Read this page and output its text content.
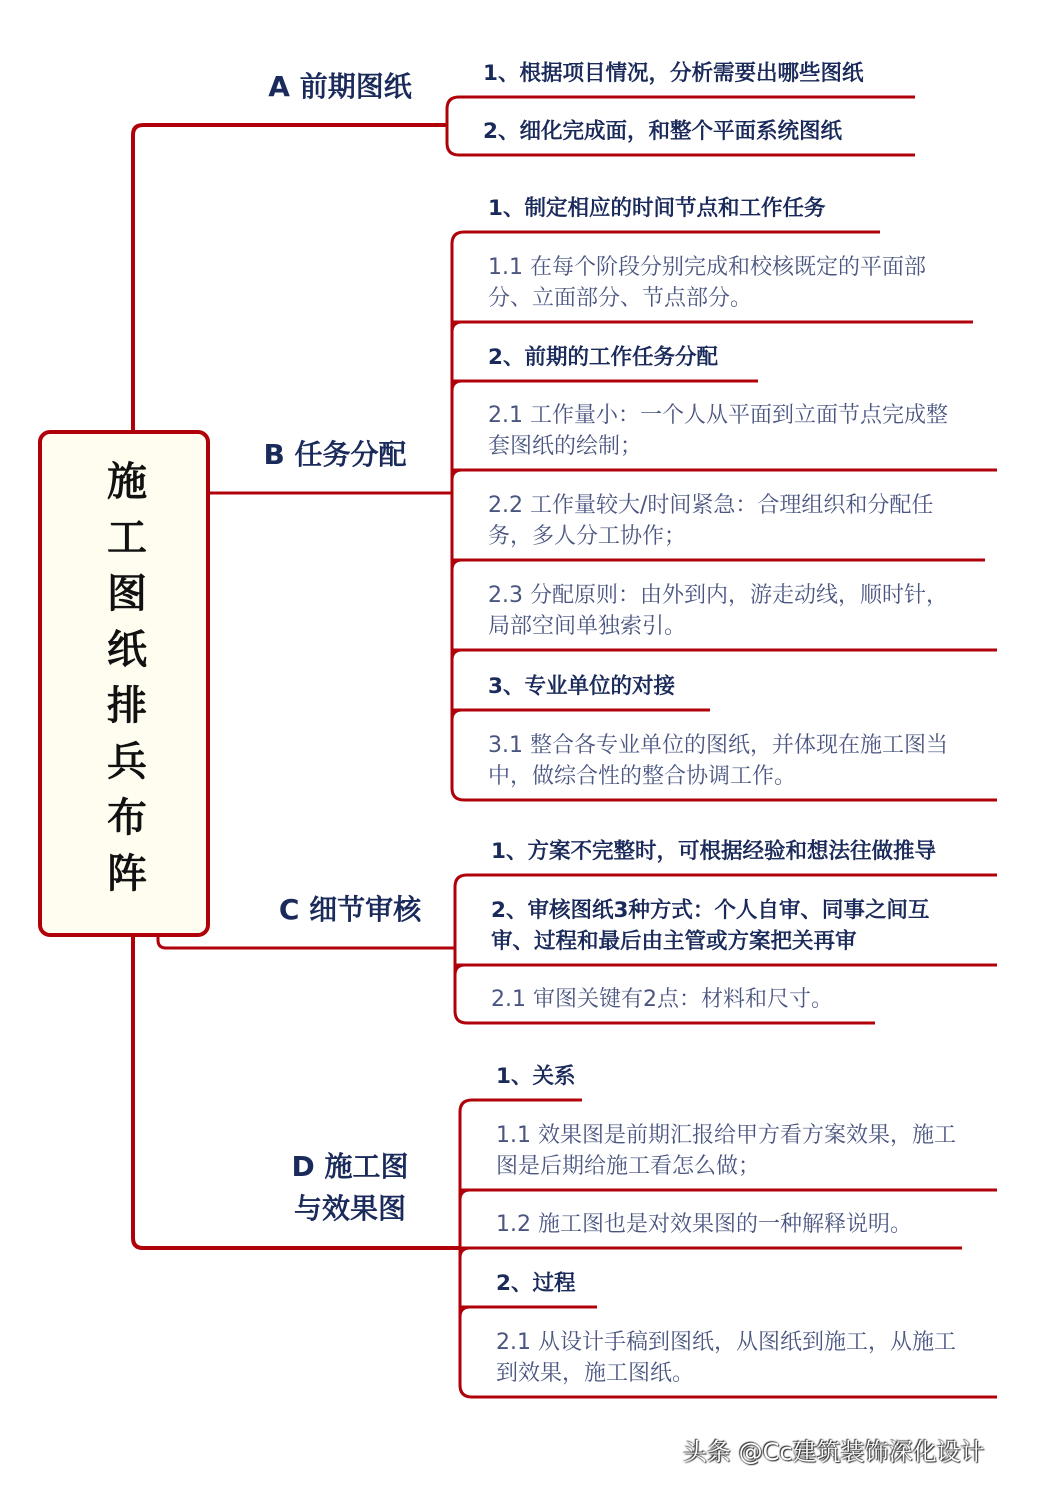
施工图纸排兵布阵
A 前期图纸	1、根据项目情况，分析需要出哪些图纸
2、细化完成面，和整个平面系统图纸
B 任务分配
1、制定相应的时间节点和工作任务
1.1 在每个阶段分别完成和校核既定的平面部
分、立面部分、节点部分。
2、前期的工作任务分配
2.1 工作量小：一个人从平面到立面节点完成整
套图纸的绘制；
2.2 工作量较大/时间紧急：合理组织和分配任
务，多人分工协作；
2.3 分配原则：由外到内，游走动线，顺时针，
局部空间单独索引。
3、专业单位的对接
3.1 整合各专业单位的图纸，并体现在施工图当
中，做综合性的整合协调工作。
C 细节审核
1、方案不完整时，可根据经验和想法往做推导
2、审核图纸3种方式：个人自审、同事之间互
审、过程和最后由主管或方案把关再审
2.1 审图关键有2点：材料和尺寸。
D 施工图
与效果图
1、关系
1.1 效果图是前期汇报给甲方看方案效果，施工
图是后期给施工看怎么做；
1.2 施工图也是对效果图的一种解释说明。
2、过程
2.1 从设计手稿到图纸，从图纸到施工，从施工
到效果，施工图纸。
头条 @Cc建筑装饰深化设计
